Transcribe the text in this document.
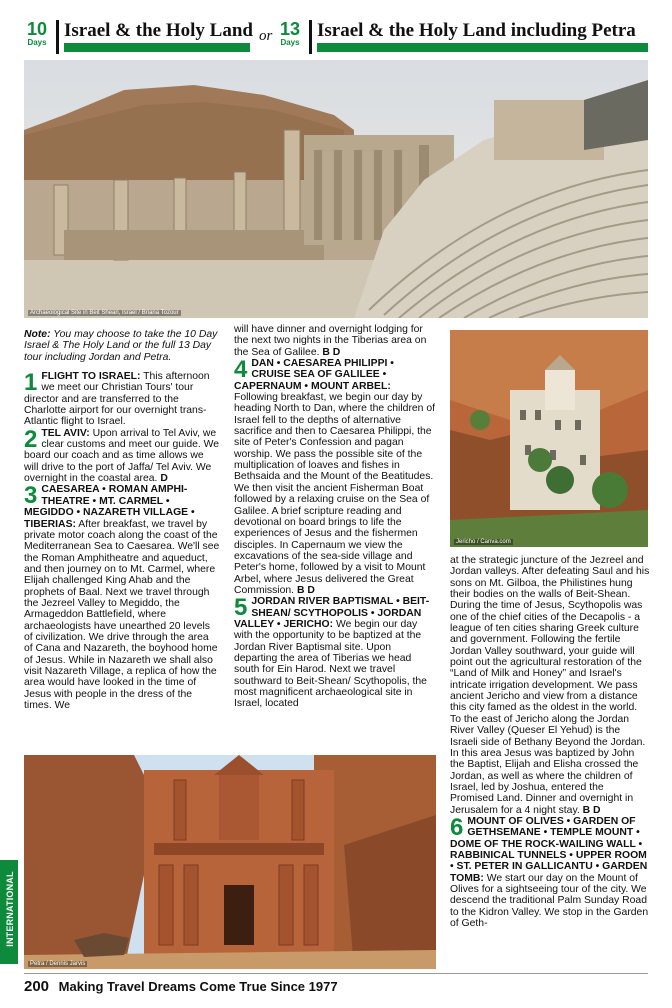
10
Days
Israel & the Holy Land or 13
Days
Israel & the Holy Land including Petra
Archaeological Site in Beit Shean, Israel / Briana Tozour

Note: You may choose to take the 10 Day Israel & The Holy Land or the full 13 Day tour including Jordan and Petra.

1 FLIGHT TO ISRAEL: This afternoon we meet our Christian Tours' tour director and are transferred to the Charlotte airport for our overnight trans-Atlantic flight to Israel.

2 TEL AVIV: Upon arrival to Tel Aviv, we clear customs and meet our guide. We board our coach and as time allows we will drive to the port of Jaffa/ Tel Aviv. We overnight in the coastal area. D

3 CAESAREA • ROMAN AMPHI-THEATRE • MT. CARMEL • MEGIDDO • NAZARETH VILLAGE • TIBERIAS: After breakfast, we travel by private motor coach along the coast of the Mediterranean Sea to Caesarea. We'll see the Roman Amphitheatre and aqueduct, and then journey on to Mt. Carmel, where Elijah challenged King Ahab and the prophets of Baal. Next we travel through the Jezreel Valley to Megiddo, the Armageddon Battlefield, where archaeologists have unearthed 20 levels of civilization. We drive through the area of Cana and Nazareth, the boyhood home of Jesus. While in Nazareth we shall also visit Nazareth Village, a replica of how the area would have looked in the time of Jesus with people in the dress of the times. We

will have dinner and overnight lodging for the next two nights in the Tiberias area on the Sea of Galilee. B D

4 DAN • CAESAREA PHILIPPI • CRUISE SEA OF GALILEE • CAPERNAUM • MOUNT ARBEL: Following breakfast, we begin our day by heading North to Dan, where the children of Israel fell to the depths of alternative sacrifice and then to Caesarea Philippi, the site of Peter's Confession and pagan worship. We pass the possible site of the multiplication of loaves and fishes in Bethsaida and the Mount of the Beatitudes. We then visit the ancient Fisherman Boat followed by a relaxing cruise on the Sea of Galilee. A brief scripture reading and devotional on board brings to life the experiences of Jesus and the fishermen disciples. In Capernaum we view the excavations of the sea-side village and Peter's home, followed by a visit to Mount Arbel, where Jesus delivered the Great Commission. B D

5 JORDAN RIVER BAPTISMAL • BEIT-SHEAN/ SCYTHOPOLIS • JORDAN VALLEY • JERICHO: We begin our day with the opportunity to be baptized at the Jordan River Baptismal site. Upon departing the area of Tiberias we head south for Ein Harod. Next we travel southward to Beit-Shean/ Scythopolis, the most magnificent archaeological site in Israel, located

Jericho / Canva.com

at the strategic juncture of the Jezreel and Jordan valleys. After defeating Saul and his sons on Mt. Gilboa, the Philistines hung their bodies on the walls of Beit-Shean. During the time of Jesus, Scythopolis was one of the chief cities of the Decapolis - a league of ten cities sharing Greek culture and government. Following the fertile Jordan Valley southward, your guide will point out the agricultural restoration of the “Land of Milk and Honey” and Israel's intricate irrigation development. We pass ancient Jericho and view from a distance this city famed as the oldest in the world. To the east of Jericho along the Jordan River Valley (Queser El Yehud) is the Israeli side of Bethany Beyond the Jordan. In this area Jesus was baptized by John the Baptist, Elijah and Elisha crossed the Jordan, as well as where the children of Israel, led by Joshua, entered the Promised Land. Dinner and overnight in Jerusalem for a 4 night stay. B D

6 MOUNT OF OLIVES • GARDEN OF GETHSEMANE • TEMPLE MOUNT • DOME OF THE ROCK-WAILING WALL • RABBINICAL TUNNELS • UPPER ROOM • ST. PETER IN GALLICANTU • GARDEN TOMB: We start our day on the Mount of Olives for a sightseeing tour of the city. We descend the traditional Palm Sunday Road to the Kidron Valley. We stop in the Garden of Geth-

Petra / Dennis Jarvis
INTERNATIONAL
200 Making Travel Dreams Come True Since 1977
